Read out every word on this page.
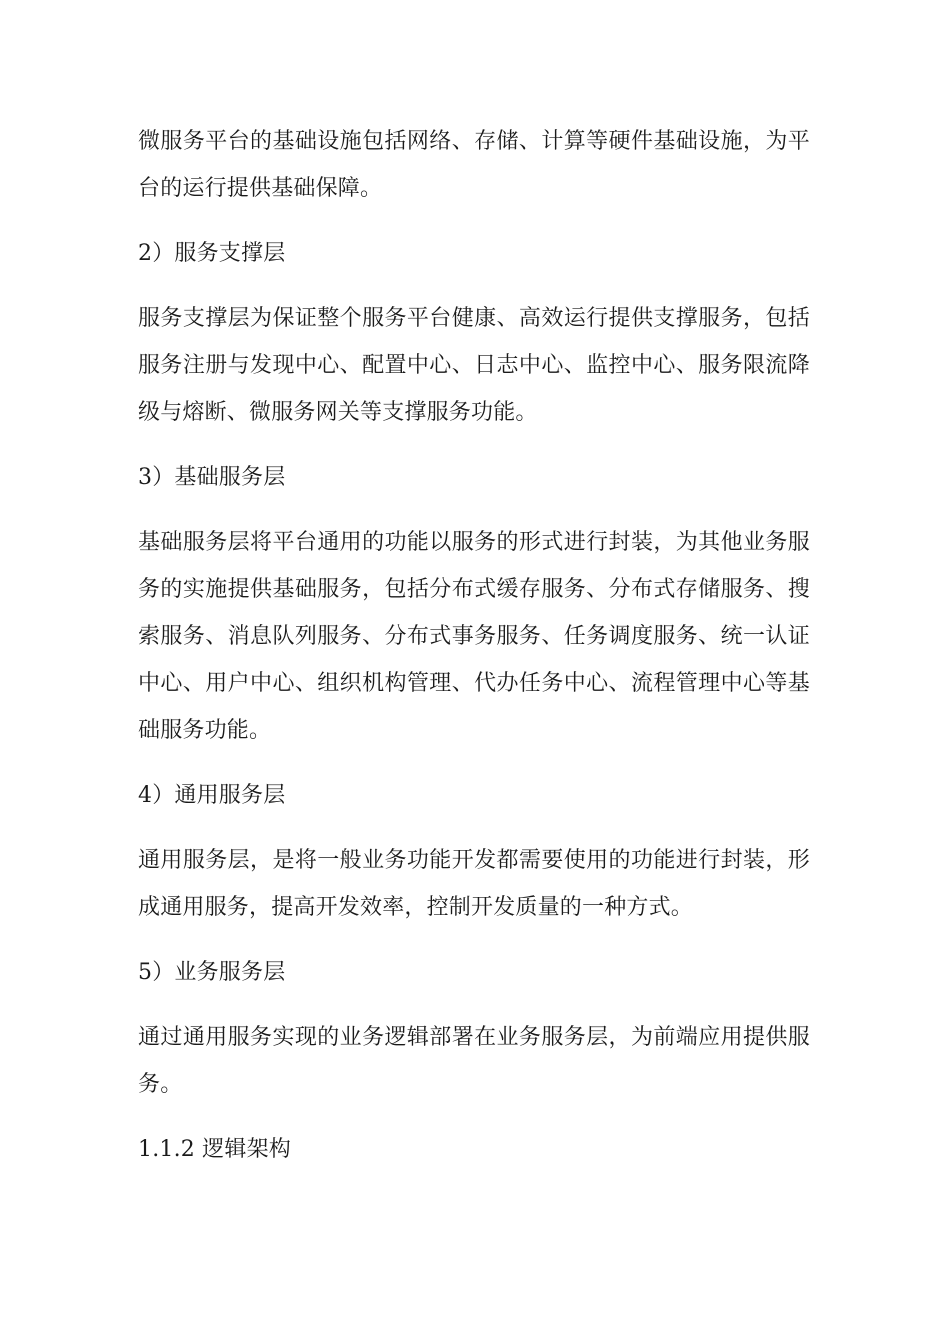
微服务平台的基础设施包括网络、存储、计算等硬件基础设施，为平台的运行提供基础保障。

2）服务支撑层

服务支撑层为保证整个服务平台健康、高效运行提供支撑服务，包括服务注册与发现中心、配置中心、日志中心、监控中心、服务限流降级与熔断、微服务网关等支撑服务功能。

3）基础服务层

基础服务层将平台通用的功能以服务的形式进行封装，为其他业务服务的实施提供基础服务，包括分布式缓存服务、分布式存储服务、搜索服务、消息队列服务、分布式事务服务、任务调度服务、统一认证中心、用户中心、组织机构管理、代办任务中心、流程管理中心等基础服务功能。

4）通用服务层

通用服务层，是将一般业务功能开发都需要使用的功能进行封装，形成通用服务，提高开发效率，控制开发质量的一种方式。

5）业务服务层

通过通用服务实现的业务逻辑部署在业务服务层，为前端应用提供服务。

1.1.2 逻辑架构
